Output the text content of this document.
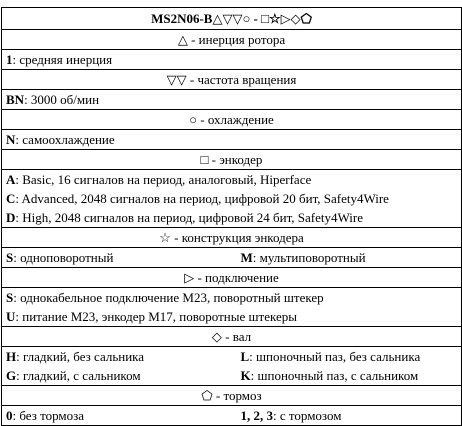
MS2N06-B△▽▽○ - □☆▷◇⬠	
△ - инерция ротора	
1: средняя инерция	
▽▽ - частота вращения	
BN: 3000 об/мин	
○ - охлаждение	
N: самоохлаждение	
□ - энкодер	
A: Basic, 16 сигналов на период, аналоговый, Hiperface	
C: Advanced, 2048 сигналов на период, цифровой 20 бит, Safety4Wire	
D: High, 2048 сигналов на период, цифровой 24 бит, Safety4Wire	
☆ - конструкция энкодера	
S: одноповоротный	M: мультиповоротный
▷ - подключение	
S: однокабельное подключение M23, поворотный штекер	
U: питание M23, энкодер M17, поворотные штекеры	
◇ - вал	
H: гладкий, без сальника	L: шпоночный паз, без сальника
G: гладкий, с сальником	K: шпоночный паз, с сальником
⬠ - тормоз	
0: без тормоза	1, 2, 3: с тормозом
